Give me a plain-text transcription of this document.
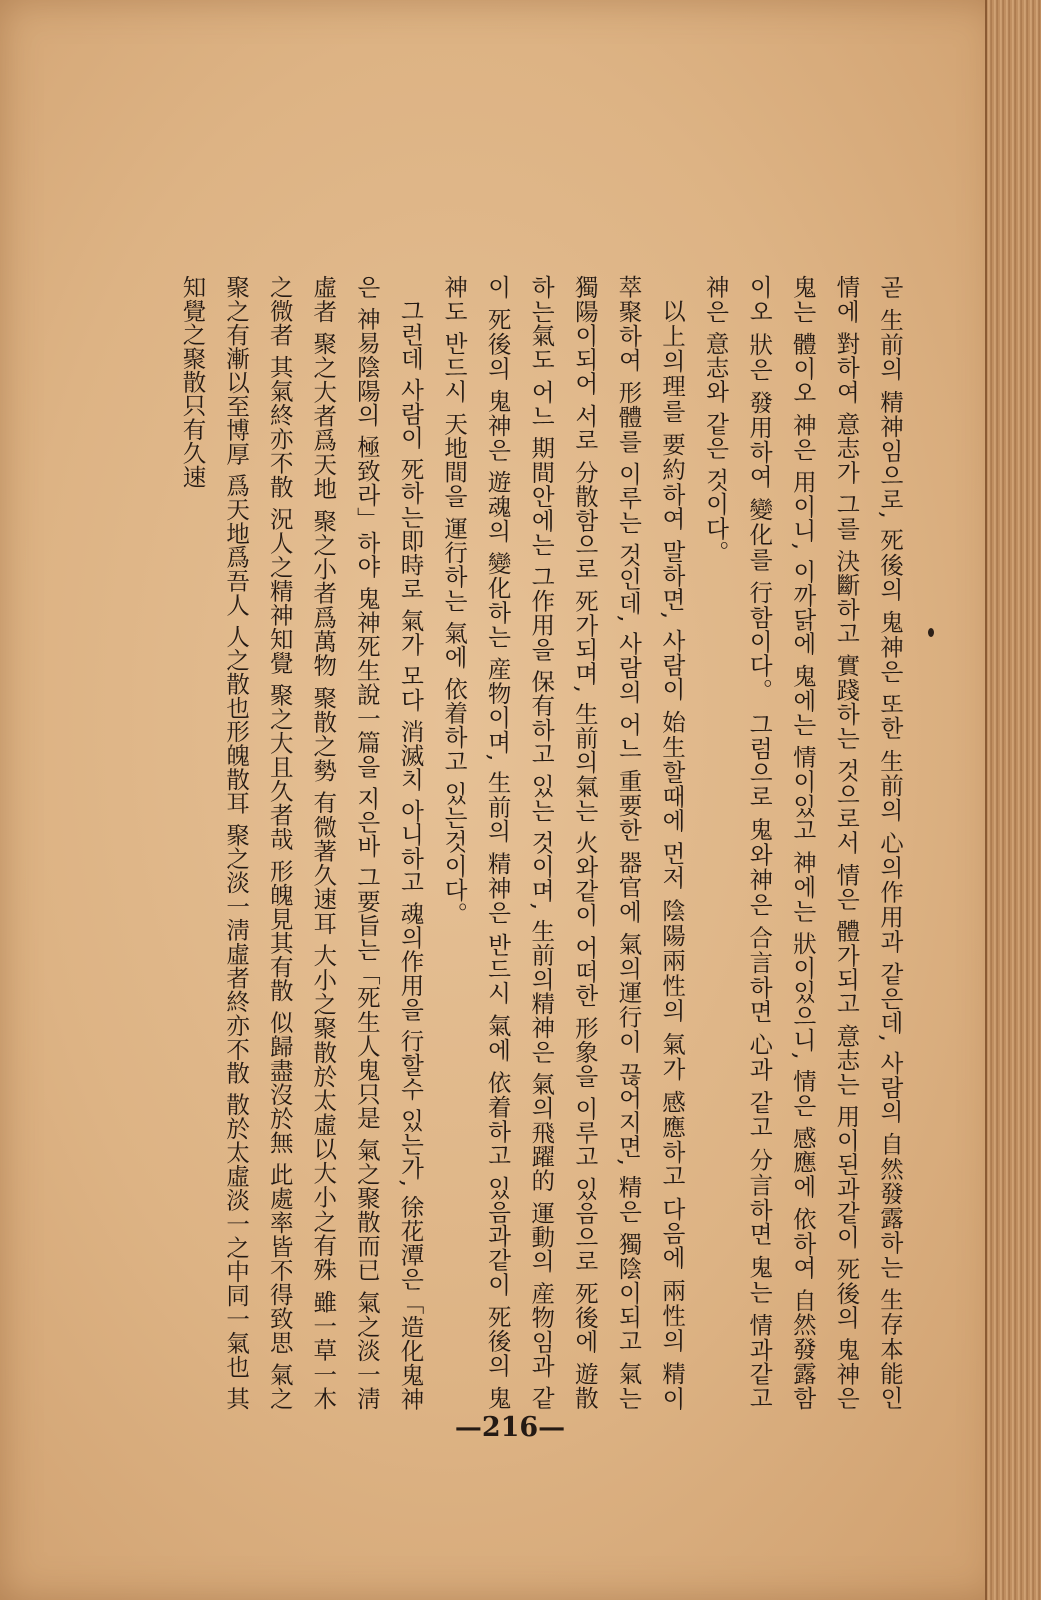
곧 生前의 精神임으로, 死後의 鬼神은 또한 生前의 心의作用과 같은데, 사람의 自然發露하는 生存本能인 情에 對하여 意志가 그를 決斷하고 實踐하는 것으로서 情은 體가되고 意志는 用이된과같이 死後의 鬼神은 鬼는 體이오 神은 用이니, 이까닭에 鬼에는 情이있고 神에는 狀이있으니, 情은 感應에 依하여 自然發露함이오 狀은 發用하여 變化를 行함이다。 그럼으로 鬼와神은 合言하면 心과 같고 分言하면 鬼는 情과같고 神은 意志와 같은 것이다。

以上의理를 要約하여 말하면, 사람이 始生할때에 먼저 陰陽兩性의 氣가 感應하고 다음에 兩性의 精이 萃聚하여 形體를 이루는 것인데, 사람의 어느 重要한 器官에 氣의運行이 끊어지면, 精은 獨陰이되고 氣는 獨陽이되어 서로 分散함으로 死가되며, 生前의氣는 火와같이 어떠한 形象을 이루고 있음으로 死後에 遊散하는氣도 어느 期間안에는 그作用을 保有하고 있는 것이며, 生前의精神은 氣의飛躍的 運動의 産物임과 같이 死後의 鬼神은 遊魂의 變化하는 産物이며, 生前의 精神은 반드시 氣에 依着하고 있음과같이 死後의 鬼神도 반드시 天地間을 運行하는 氣에 依着하고 있는것이다。

그런데 사람이 死하는即時로 氣가 모다 消滅치 아니하고 魂의作用을 行할수 있는가, 徐花潭은「造化鬼神은 神易陰陽의 極致라」하야 鬼神死生說一篇을 지은바 그要旨는「死生人鬼只是 氣之聚散而已 氣之淡一淸虛者 聚之大者爲天地 聚之小者爲萬物 聚散之勢 有微著久速耳 大小之聚散於太虛以大小之有殊 雖一草一木之微者 其氣終亦不散 況人之精神知覺 聚之大且久者哉 形魄見其有散 似歸盡沒於無 此處率皆不得致思 氣之聚之有漸以至博厚 爲天地爲吾人 人之散也形魄散耳 聚之淡一淸虛者終亦不散 散於太虛淡一之中同一氣也 其知覺之聚散只有久速

—216—
